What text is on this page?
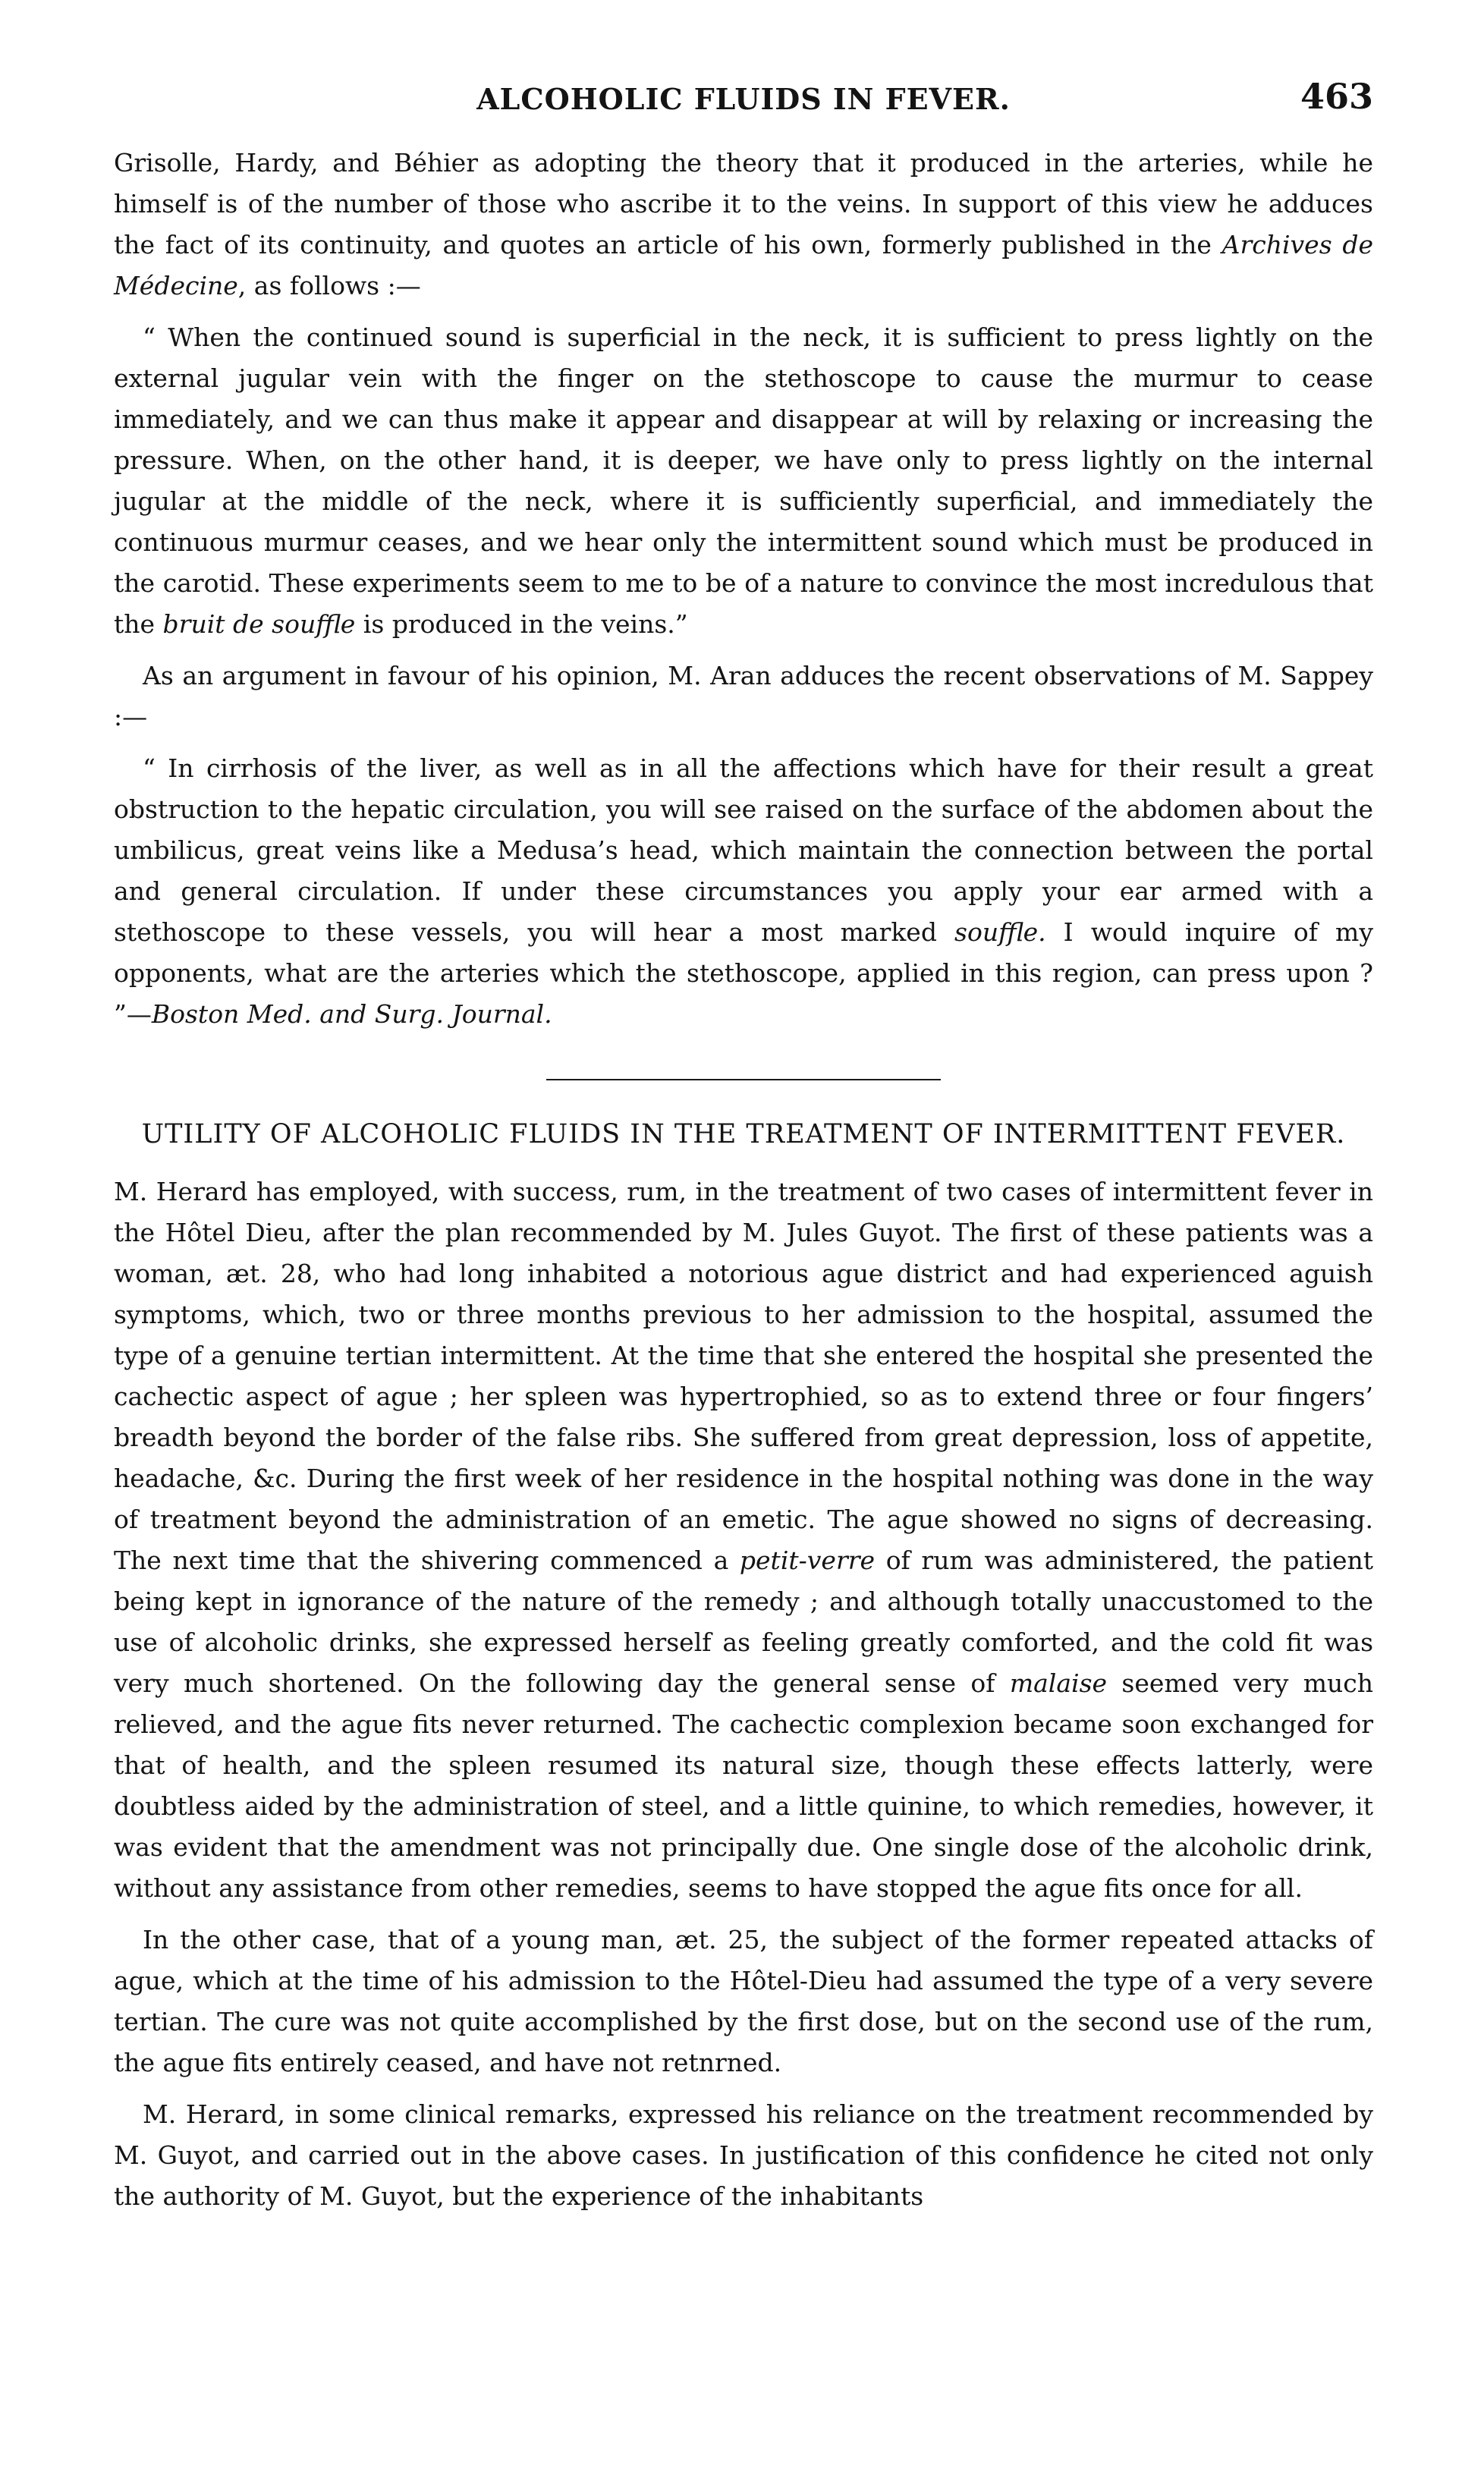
ALCOHOLIC FLUIDS IN FEVER.	463

Grisolle, Hardy, and Béhier as adopting the theory that it produced in the arteries, while he himself is of the number of those who ascribe it to the veins. In support of this view he adduces the fact of its continuity, and quotes an article of his own, formerly published in the Archives de Médecine, as follows :—

“ When the continued sound is superficial in the neck, it is sufficient to press lightly on the external jugular vein with the finger on the stethoscope to cause the murmur to cease immediately, and we can thus make it appear and disappear at will by relaxing or increasing the pressure. When, on the other hand, it is deeper, we have only to press lightly on the internal jugular at the middle of the neck, where it is sufficiently superficial, and immediately the continuous murmur ceases, and we hear only the intermittent sound which must be produced in the carotid. These experiments seem to me to be of a nature to convince the most incredulous that the bruit de souffle is produced in the veins.”

As an argument in favour of his opinion, M. Aran adduces the recent observations of M. Sappey :—

“ In cirrhosis of the liver, as well as in all the affections which have for their result a great obstruction to the hepatic circulation, you will see raised on the surface of the abdomen about the umbilicus, great veins like a Medusa’s head, which maintain the connection between the portal and general circulation. If under these circumstances you apply your ear armed with a stethoscope to these vessels, you will hear a most marked souffle. I would inquire of my opponents, what are the arteries which the stethoscope, applied in this region, can press upon ? ”—Boston Med. and Surg. Journal.

UTILITY OF ALCOHOLIC FLUIDS IN THE TREATMENT OF INTERMITTENT FEVER.

M. Herard has employed, with success, rum, in the treatment of two cases of intermittent fever in the Hôtel Dieu, after the plan recommended by M. Jules Guyot. The first of these patients was a woman, æt. 28, who had long inhabited a notorious ague district and had experienced aguish symptoms, which, two or three months previous to her admission to the hospital, assumed the type of a genuine tertian intermittent. At the time that she entered the hospital she presented the cachectic aspect of ague ; her spleen was hypertrophied, so as to extend three or four fingers’ breadth beyond the border of the false ribs. She suffered from great depression, loss of appetite, headache, &c. During the first week of her residence in the hospital nothing was done in the way of treatment beyond the administration of an emetic. The ague showed no signs of decreasing. The next time that the shivering commenced a petit-verre of rum was administered, the patient being kept in ignorance of the nature of the remedy ; and although totally unaccustomed to the use of alcoholic drinks, she expressed herself as feeling greatly comforted, and the cold fit was very much shortened. On the following day the general sense of malaise seemed very much relieved, and the ague fits never returned. The cachectic complexion became soon exchanged for that of health, and the spleen resumed its natural size, though these effects latterly, were doubtless aided by the administration of steel, and a little quinine, to which remedies, however, it was evident that the amendment was not principally due. One single dose of the alcoholic drink, without any assistance from other remedies, seems to have stopped the ague fits once for all.

In the other case, that of a young man, æt. 25, the subject of the former repeated attacks of ague, which at the time of his admission to the Hôtel-Dieu had assumed the type of a very severe tertian. The cure was not quite accomplished by the first dose, but on the second use of the rum, the ague fits entirely ceased, and have not retnrned.

M. Herard, in some clinical remarks, expressed his reliance on the treatment recommended by M. Guyot, and carried out in the above cases. In justification of this confidence he cited not only the authority of M. Guyot, but the experience of the inhabitants
